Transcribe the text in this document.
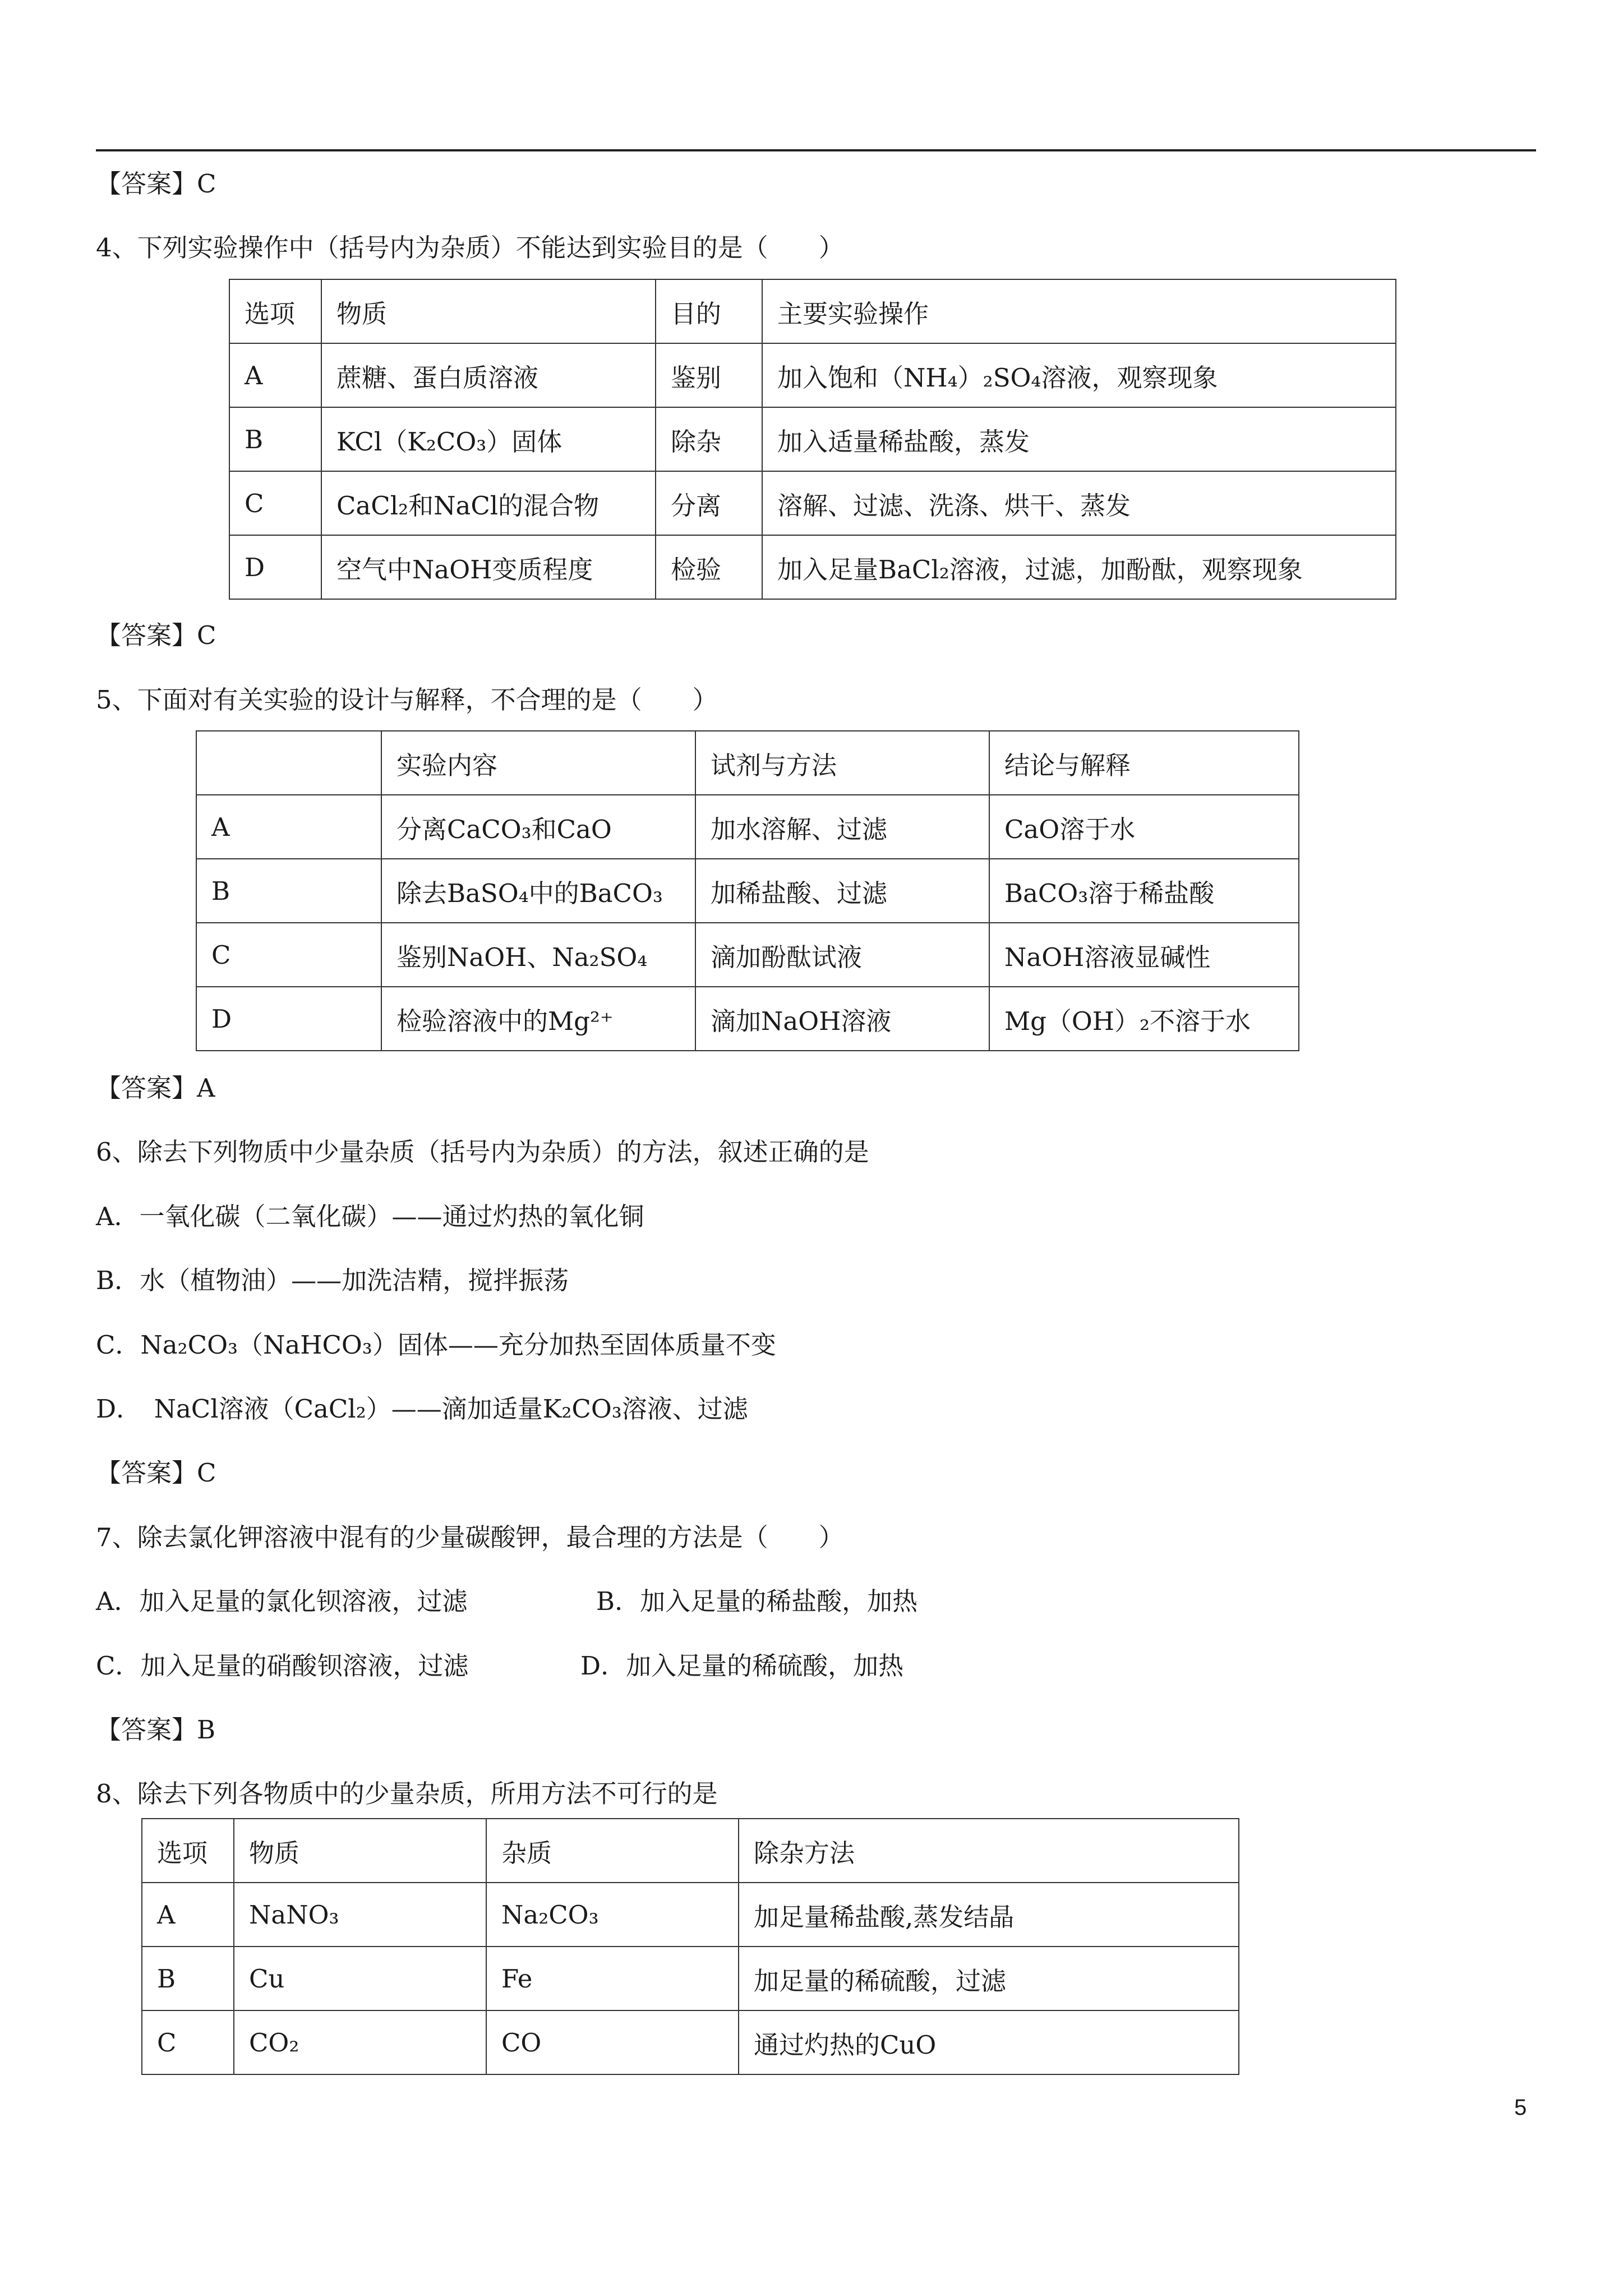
【答案】C
4、下列实验操作中（括号内为杂质）不能达到实验目的是（　　）
选项	物质	目的	主要实验操作
A	蔗糖、蛋白质溶液	鉴别	加入饱和（NH₄）₂SO₄溶液，观察现象
B	KCl（K₂CO₃）固体	除杂	加入适量稀盐酸，蒸发
C	CaCl₂和NaCl的混合物	分离	溶解、过滤、洗涤、烘干、蒸发
D	空气中NaOH变质程度	检验	加入足量BaCl₂溶液，过滤，加酚酞，观察现象
【答案】C
5、下面对有关实验的设计与解释，不合理的是（　　）
	实验内容	试剂与方法	结论与解释
A	分离CaCO₃和CaO	加水溶解、过滤	CaO溶于水
B	除去BaSO₄中的BaCO₃	加稀盐酸、过滤	BaCO₃溶于稀盐酸
C	鉴别NaOH、Na₂SO₄	滴加酚酞试液	NaOH溶液显碱性
D	检验溶液中的Mg²⁺	滴加NaOH溶液	Mg（OH）₂不溶于水
【答案】A
6、除去下列物质中少量杂质（括号内为杂质）的方法，叙述正确的是
A．一氧化碳（二氧化碳）——通过灼热的氧化铜
B．水（植物油）——加洗洁精，搅拌振荡
C．Na₂CO₃（NaHCO₃）固体——充分加热至固体质量不变
D．　NaCl溶液（CaCl₂）——滴加适量K₂CO₃溶液、过滤
【答案】C
7、除去氯化钾溶液中混有的少量碳酸钾，最合理的方法是（　　）
A．加入足量的氯化钡溶液，过滤	B．加入足量的稀盐酸，加热
C．加入足量的硝酸钡溶液，过滤	D．加入足量的稀硫酸，加热
【答案】B
8、除去下列各物质中的少量杂质，所用方法不可行的是
选项	物质	杂质	除杂方法
A	NaNO₃	Na₂CO₃	加足量稀盐酸,蒸发结晶
B	Cu	Fe	加足量的稀硫酸，过滤
C	CO₂	CO	通过灼热的CuO
5
